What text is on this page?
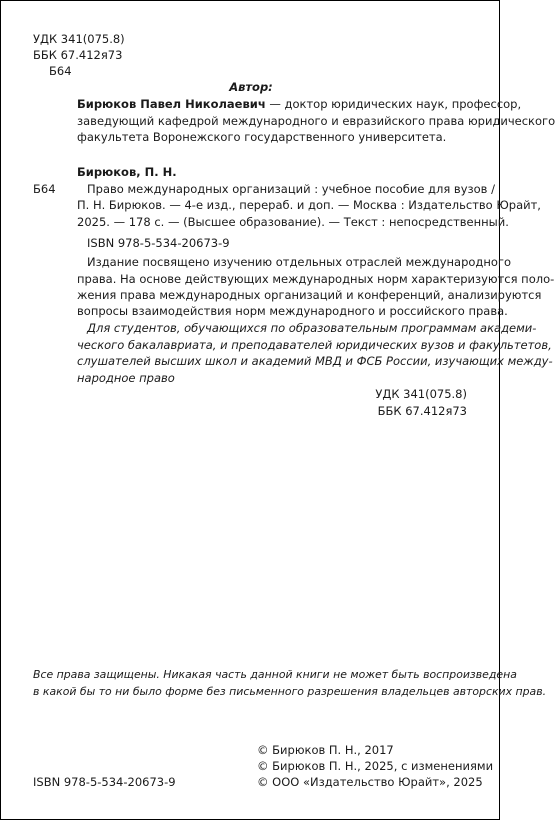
УДК 341(075.8)
ББК 67.412я73
Б64
Автор:
Бирюков Павел Николаевич — доктор юридических наук, профессор,
заведующий кафедрой международного и евразийского права юридического
факультета Воронежского государственного университета.
Бирюков, П. Н.
Б64	Право международных организаций : учебное пособие для вузов /
П. Н. Бирюков. — 4-е изд., перераб. и доп. — Москва : Издательство Юрайт,
2025. — 178 с. — (Высшее образование). — Текст : непосредственный.
ISBN 978-5-534-20673-9
Издание посвящено изучению отдельных отраслей международного
права. На основе действующих международных норм характеризуются поло-
жения права международных организаций и конференций, анализируются
вопросы взаимодействия норм международного и российского права.
Для студентов, обучающихся по образовательным программам академи-
ческого бакалавриата, и преподавателей юридических вузов и факультетов,
слушателей высших школ и академий МВД и ФСБ России, изучающих между-
народное право
УДК 341(075.8)
ББК 67.412я73
Все права защищены. Никакая часть данной книги не может быть воспроизведена
в какой бы то ни было форме без письменного разрешения владельцев авторских прав.
© Бирюков П. Н., 2017
© Бирюков П. Н., 2025, с изменениями
© ООО «Издательство Юрайт», 2025
ISBN 978-5-534-20673-9
